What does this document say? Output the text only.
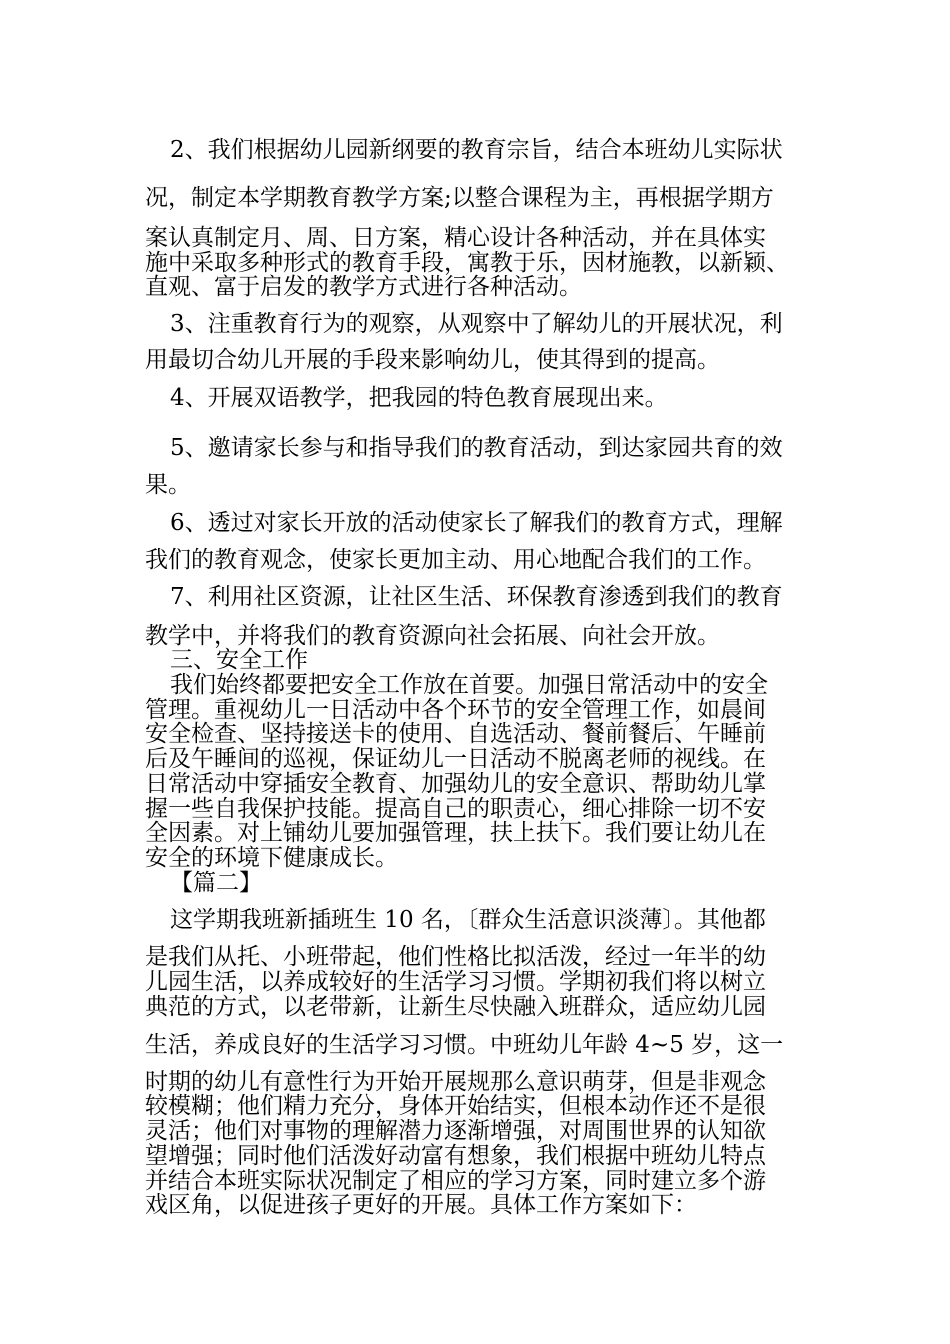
2、我们根据幼儿园新纲要的教育宗旨，结合本班幼儿实际状
况，制定本学期教育教学方案;以整合课程为主，再根据学期方
案认真制定月、周、日方案，精心设计各种活动，并在具体实
施中采取多种形式的教育手段，寓教于乐，因材施教，以新颖、
直观、富于启发的教学方式进行各种活动。
3、注重教育行为的观察，从观察中了解幼儿的开展状况，利
用最切合幼儿开展的手段来影响幼儿，使其得到的提高。
4、开展双语教学，把我园的特色教育展现出来。
5、邀请家长参与和指导我们的教育活动，到达家园共育的效
果。
6、透过对家长开放的活动使家长了解我们的教育方式，理解
我们的教育观念，使家长更加主动、用心地配合我们的工作。
7、利用社区资源，让社区生活、环保教育渗透到我们的教育
教学中，并将我们的教育资源向社会拓展、向社会开放。
三、安全工作
我们始终都要把安全工作放在首要。加强日常活动中的安全
管理。重视幼儿一日活动中各个环节的安全管理工作，如晨间
安全检查、坚持接送卡的使用、自选活动、餐前餐后、午睡前
后及午睡间的巡视，保证幼儿一日活动不脱离老师的视线。在
日常活动中穿插安全教育、加强幼儿的安全意识、帮助幼儿掌
握一些自我保护技能。提高自己的职责心，细心排除一切不安
全因素。对上铺幼儿要加强管理，扶上扶下。我们要让幼儿在
安全的环境下健康成长。
【篇二】
这学期我班新插班生 10 名，〔群众生活意识淡薄〕。其他都
是我们从托、小班带起，他们性格比拟活泼，经过一年半的幼
儿园生活，以养成较好的生活学习习惯。学期初我们将以树立
典范的方式，以老带新，让新生尽快融入班群众，适应幼儿园
生活，养成良好的生活学习习惯。中班幼儿年龄 4~5 岁，这一
时期的幼儿有意性行为开始开展规那么意识萌芽，但是非观念
较模糊；他们精力充分，身体开始结实，但根本动作还不是很
灵活；他们对事物的理解潜力逐渐增强，对周围世界的认知欲
望增强；同时他们活泼好动富有想象，我们根据中班幼儿特点
并结合本班实际状况制定了相应的学习方案，同时建立多个游
戏区角，以促进孩子更好的开展。具体工作方案如下：
